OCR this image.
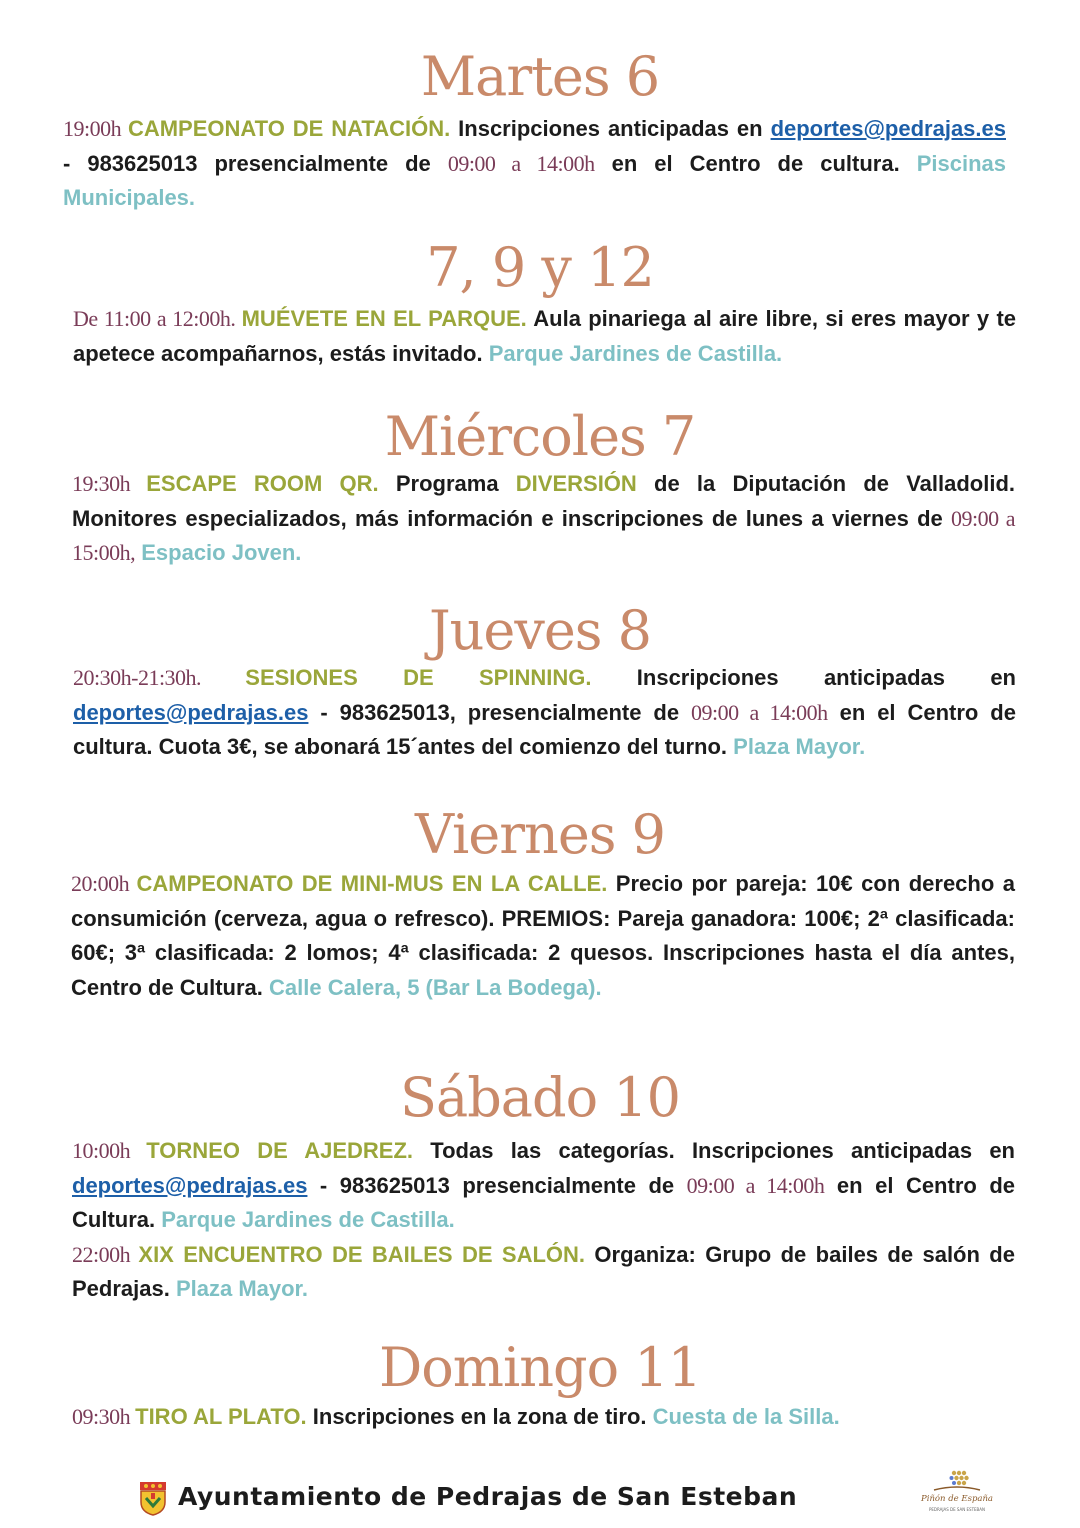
Martes 6
19:00h CAMPEONATO DE NATACIÓN. Inscripciones anticipadas en deportes@pedrajas.es - 983625013 presencialmente de 09:00 a 14:00h en el Centro de cultura. Piscinas Municipales.
7, 9 y 12
De 11:00 a 12:00h. MUÉVETE EN EL PARQUE. Aula pinariega al aire libre, si eres mayor y te apetece acompañarnos, estás invitado. Parque Jardines de Castilla.
Miércoles 7
19:30h ESCAPE ROOM QR. Programa DIVERSIÓN de la Diputación de Valladolid. Monitores especializados, más información e inscripciones de lunes a viernes de 09:00 a 15:00h, Espacio Joven.
Jueves 8
20:30h-21:30h. SESIONES DE SPINNING. Inscripciones anticipadas en deportes@pedrajas.es - 983625013, presencialmente de 09:00 a 14:00h en el Centro de cultura. Cuota 3€, se abonará 15´antes del comienzo del turno. Plaza Mayor.
Viernes 9
20:00h CAMPEONATO DE MINI-MUS EN LA CALLE. Precio por pareja: 10€ con derecho a consumición (cerveza, agua o refresco). PREMIOS: Pareja ganadora: 100€; 2ª clasificada: 60€; 3ª clasificada: 2 lomos; 4ª clasificada: 2 quesos. Inscripciones hasta el día antes, Centro de Cultura. Calle Calera, 5 (Bar La Bodega).
Sábado 10
10:00h TORNEO DE AJEDREZ. Todas las categorías. Inscripciones anticipadas en deportes@pedrajas.es - 983625013 presencialmente de 09:00 a 14:00h en el Centro de Cultura. Parque Jardines de Castilla.
22:00h XIX ENCUENTRO DE BAILES DE SALÓN. Organiza: Grupo de bailes de salón de Pedrajas. Plaza Mayor.
Domingo 11
09:30h TIRO AL PLATO. Inscripciones en la zona de tiro. Cuesta de la Silla.
Ayuntamiento de Pedrajas de San Esteban	Piñón de España
PEDRAJAS DE SAN ESTEBAN
